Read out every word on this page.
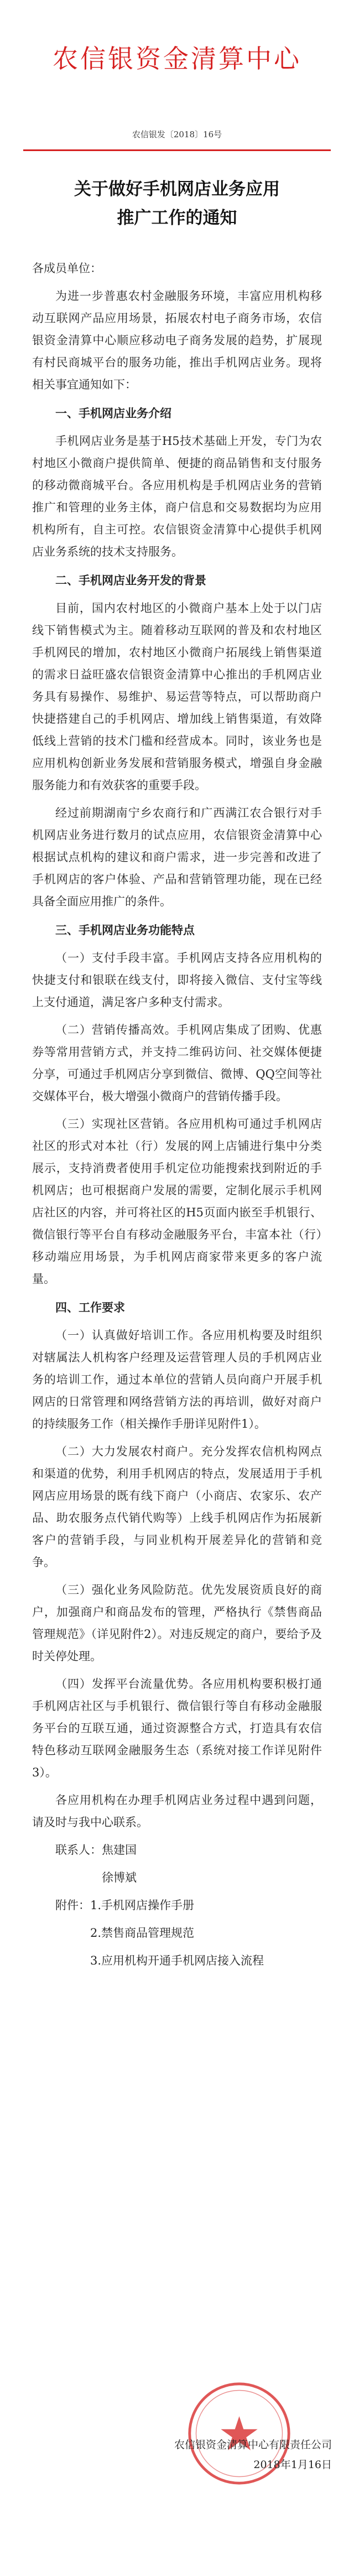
农信银资金清算中心
农信银发〔2018〕16号
关于做好手机网店业务应用
推广工作的通知

各成员单位：

为进一步普惠农村金融服务环境，丰富应用机构移动互联网产品应用场景，拓展农村电子商务市场，农信银资金清算中心顺应移动电子商务发展的趋势，扩展现有村民商城平台的服务功能，推出手机网店业务。现将相关事宜通知如下：

一、手机网店业务介绍

手机网店业务是基于H5技术基础上开发，专门为农村地区小微商户提供简单、便捷的商品销售和支付服务的移动微商城平台。各应用机构是手机网店业务的营销推广和管理的业务主体，商户信息和交易数据均为应用机构所有，自主可控。农信银资金清算中心提供手机网店业务系统的技术支持服务。

二、手机网店业务开发的背景

目前，国内农村地区的小微商户基本上处于以门店线下销售模式为主。随着移动互联网的普及和农村地区手机网民的增加，农村地区小微商户拓展线上销售渠道的需求日益旺盛农信银资金清算中心推出的手机网店业务具有易操作、易维护、易运营等特点，可以帮助商户快捷搭建自己的手机网店、增加线上销售渠道，有效降低线上营销的技术门槛和经营成本。同时，该业务也是应用机构创新业务发展和营销服务模式，增强自身金融服务能力和有效获客的重要手段。

经过前期湖南宁乡农商行和广西满江农合银行对手机网店业务进行数月的试点应用，农信银资金清算中心根据试点机构的建议和商户需求，进一步完善和改进了手机网店的客户体验、产品和营销管理功能，现在已经具备全面应用推广的条件。

三、手机网店业务功能特点

（一）支付手段丰富。手机网店支持各应用机构的快捷支付和银联在线支付，即将接入微信、支付宝等线上支付通道，满足客户多种支付需求。

（二）营销传播高效。手机网店集成了团购、优惠券等常用营销方式，并支持二维码访问、社交媒体便捷分享，可通过手机网店分享到微信、微博、QQ空间等社交媒体平台，极大增强小微商户的营销传播手段。

（三）实现社区营销。各应用机构可通过手机网店社区的形式对本社（行）发展的网上店铺进行集中分类展示，支持消费者使用手机定位功能搜索找到附近的手机网店；也可根据商户发展的需要，定制化展示手机网店社区的内容，并可将社区的H5页面内嵌至手机银行、微信银行等平台自有移动金融服务平台，丰富本社（行）移动端应用场景，为手机网店商家带来更多的客户流量。

四、工作要求

（一）认真做好培训工作。各应用机构要及时组织对辖属法人机构客户经理及运营管理人员的手机网店业务的培训工作，通过本单位的营销人员向商户开展手机网店的日常管理和网络营销方法的再培训，做好对商户的持续服务工作（相关操作手册详见附件1）。

（二）大力发展农村商户。充分发挥农信机构网点和渠道的优势，利用手机网店的特点，发展适用于手机网店应用场景的既有线下商户（小商店、农家乐、农产品、助农服务点代销代购等）上线手机网店作为拓展新客户的营销手段，与同业机构开展差异化的营销和竞争。

（三）强化业务风险防范。优先发展资质良好的商户，加强商户和商品发布的管理，严格执行《禁售商品管理规范》（详见附件2）。对违反规定的商户，要给予及时关停处理。

（四）发挥平台流量优势。各应用机构要积极打通手机网店社区与手机银行、微信银行等自有移动金融服务平台的互联互通，通过资源整合方式，打造具有农信特色移动互联网金融服务生态（系统对接工作详见附件3）。

各应用机构在办理手机网店业务过程中遇到问题，请及时与我中心联系。

联系人：焦建国

徐博斌

附件：1.手机网店操作手册

2.禁售商品管理规范

3.应用机构开通手机网店接入流程

农信银资金清算中心有限责任公司
2018年1月16日
